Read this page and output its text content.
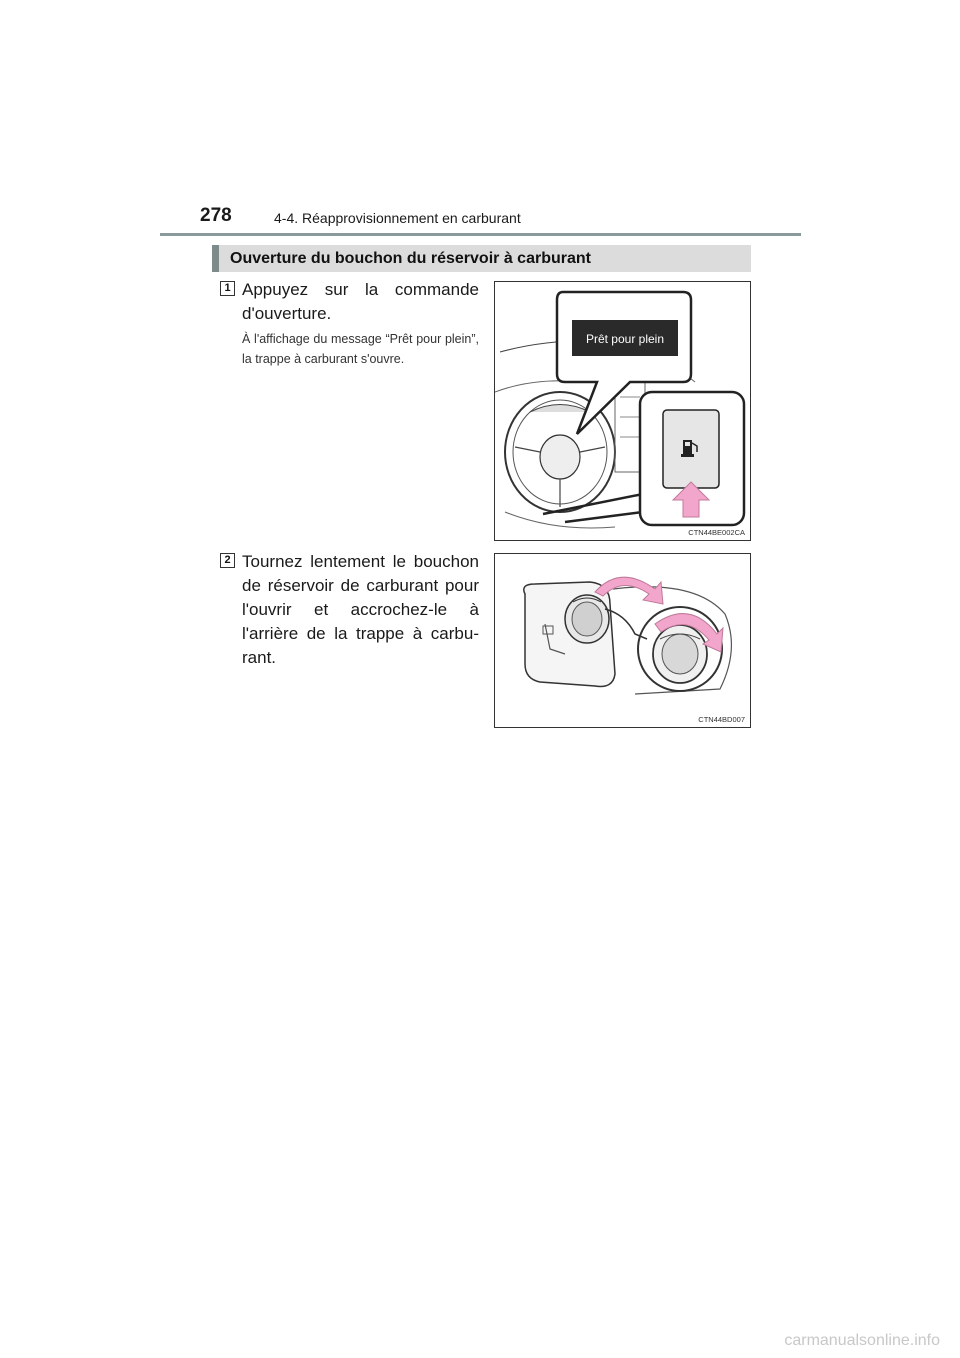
278	4-4. Réapprovisionnement en carburant
Ouverture du bouchon du réservoir à carburant
1 Appuyez sur la commande d'ouverture.
À l'affichage du message “Prêt pour plein”, la trappe à carburant s'ouvre.
Prêt pour plein
CTN44BE002CA
2 Tournez lentement le bouchon de réservoir de carburant pour l'ouvrir et accrochez-le à l'arrière de la trappe à carbu-rant.
CTN44BD007
carmanualsonline.info
